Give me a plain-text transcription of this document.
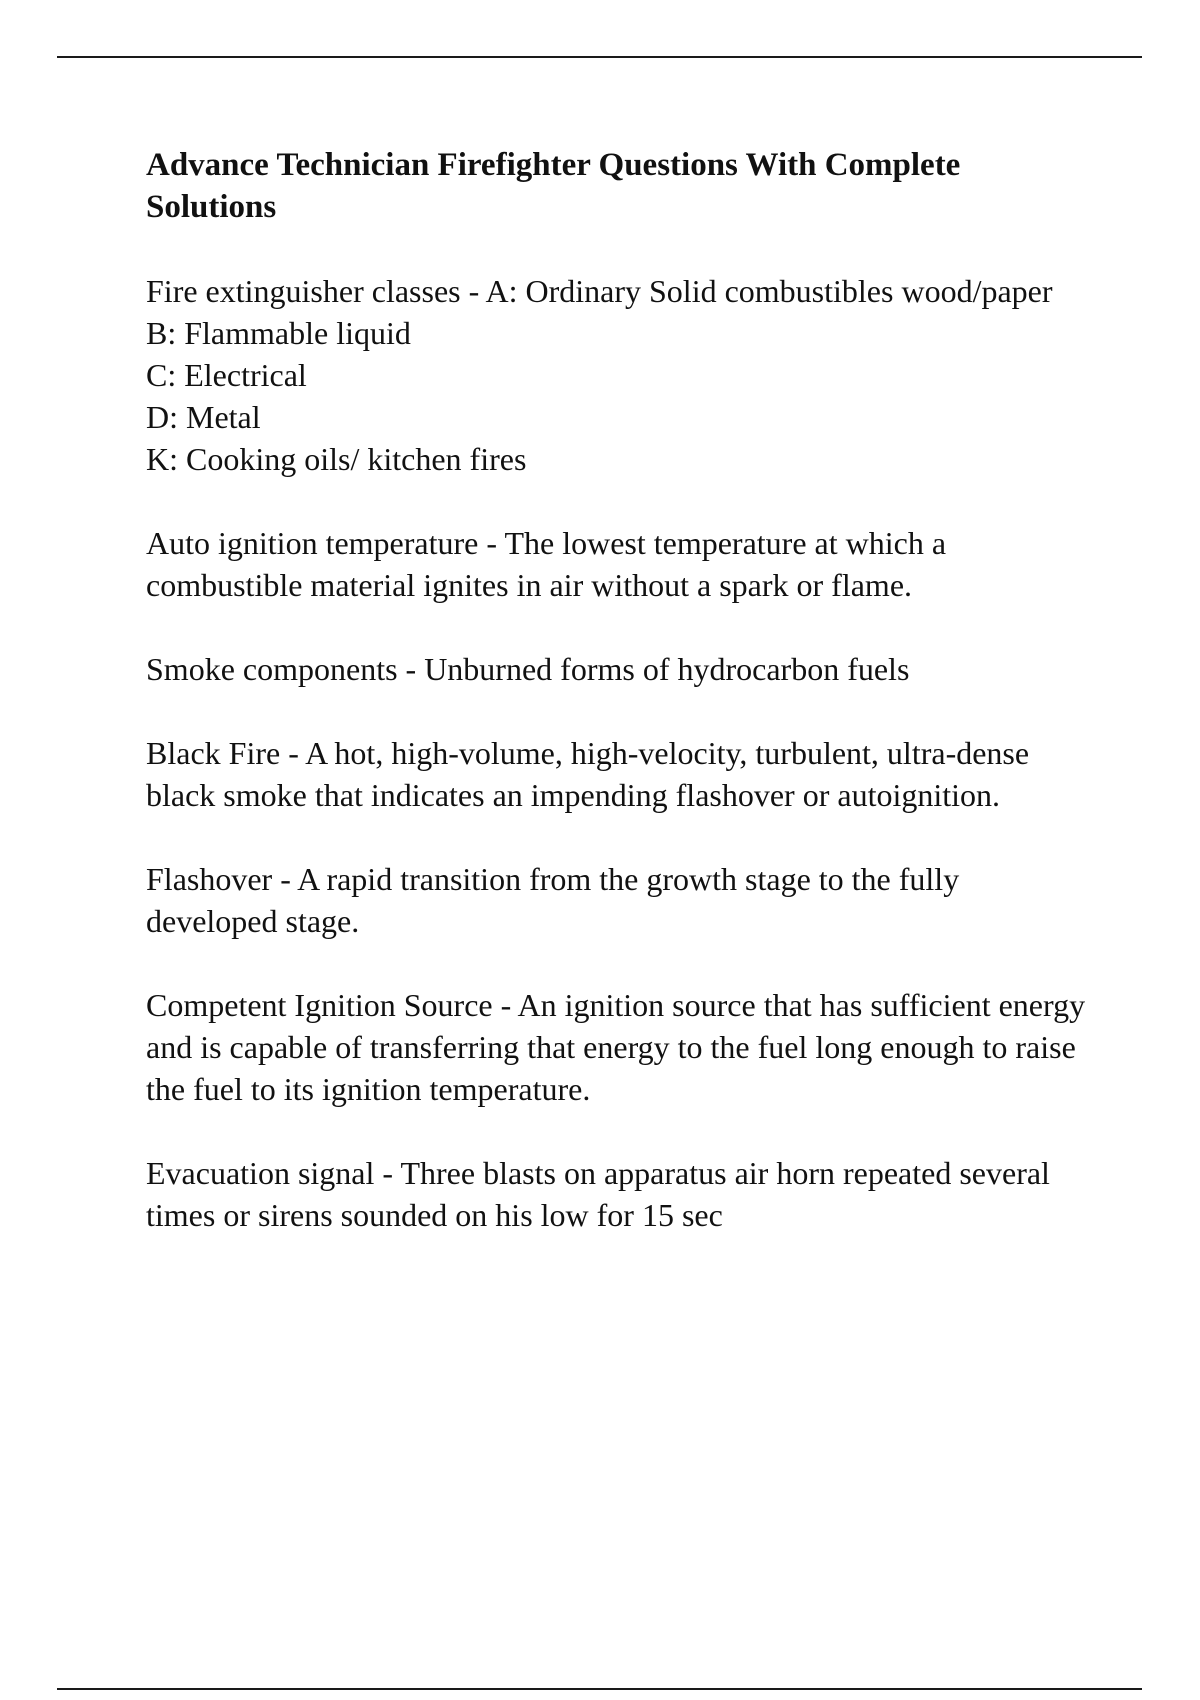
Advance Technician Firefighter Questions With Complete Solutions
Fire extinguisher classes - A: Ordinary Solid combustibles wood/paper
B: Flammable liquid
C: Electrical
D: Metal
K: Cooking oils/ kitchen fires
Auto ignition temperature - The lowest temperature at which a combustible material ignites in air without a spark or flame.
Smoke components - Unburned forms of hydrocarbon fuels
Black Fire - A hot, high-volume, high-velocity, turbulent, ultra-dense black smoke that indicates an impending flashover or autoignition.
Flashover - A rapid transition from the growth stage to the fully developed stage.
Competent Ignition Source - An ignition source that has sufficient energy and is capable of transferring that energy to the fuel long enough to raise the fuel to its ignition temperature.
Evacuation signal - Three blasts on apparatus air horn repeated several times or sirens sounded on his low for 15 sec
